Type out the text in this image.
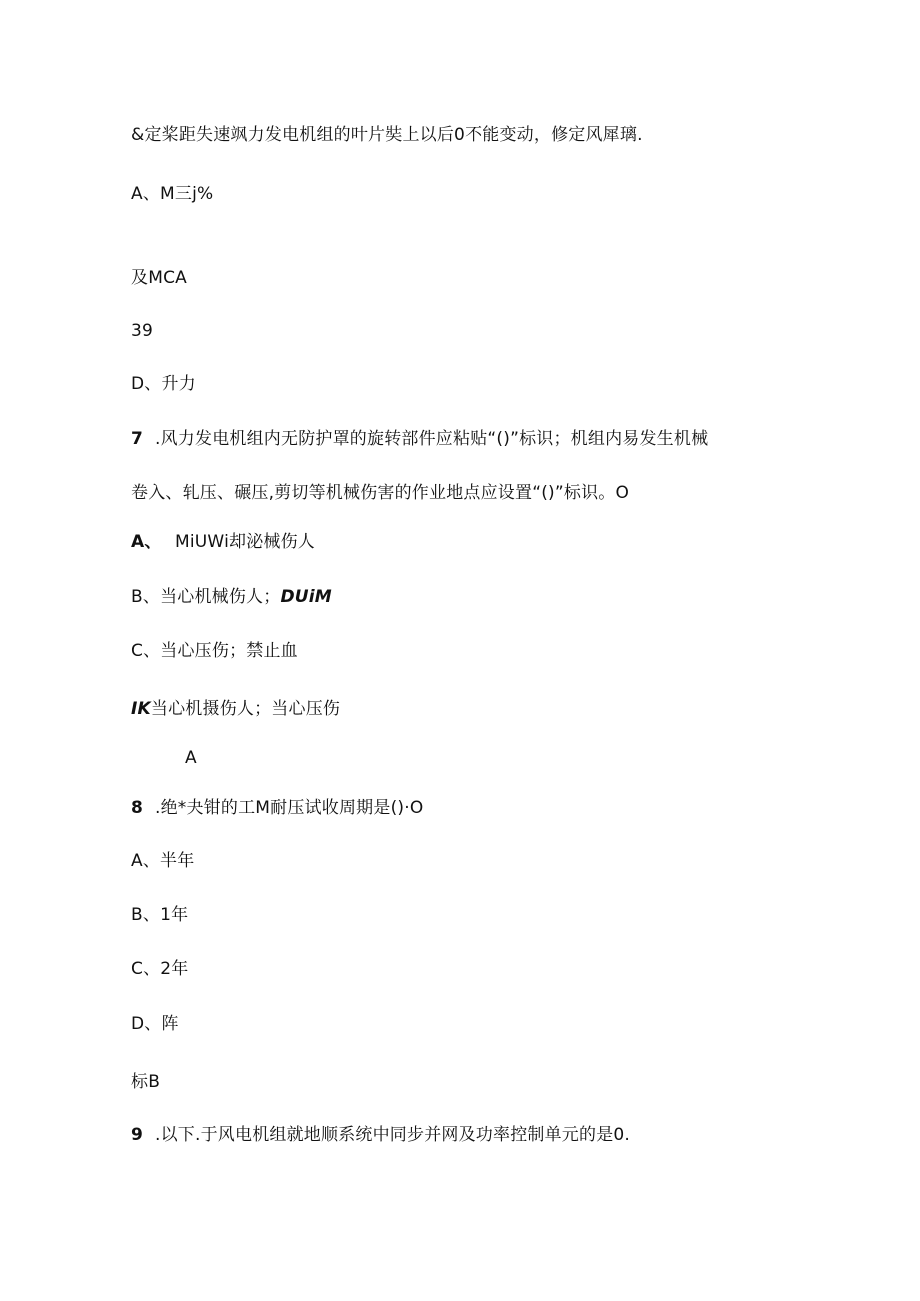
&定桨距失速飒力发电机组的叶片奘上以后0不能变动，修定风犀璃.
A、M三j%
及MCA
39
D、升力
7 .风力发电机组内无防护罩的旋转部件应粘贴“()”标识；机组内易发生机械
卷入、轧压、碾压,剪切等机械伤害的作业地点应设置“()”标识。O
A、 MiUWi却泌械伤人
B、当心机械伤人；DUiM
C、当心压伤；禁止血
IK当心机摄伤人；当心压伤
A
8 .绝*夬钳的工M耐压试收周期是()·O
A、半年
B、1年
C、2年
D、阵
标B
9 .以下.于风电机组就地顺系统中同步并网及功率控制单元的是0.
